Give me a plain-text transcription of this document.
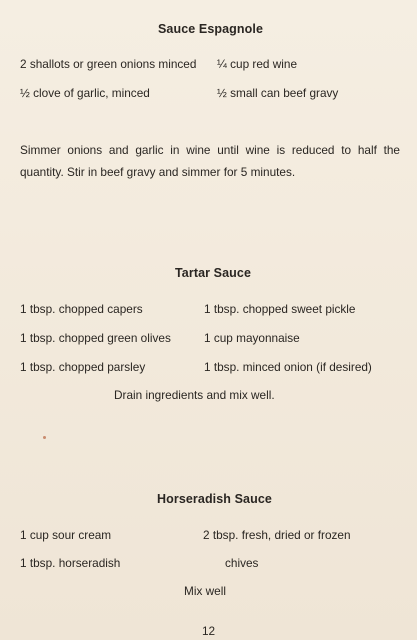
Sauce Espagnole
2 shallots or green onions minced
½ clove of garlic, minced
¼ cup red wine
½ small can beef gravy
Simmer onions and garlic in wine until wine is reduced to half the quantity. Stir in beef gravy and simmer for 5 minutes.
Tartar Sauce
1 tbsp. chopped capers
1 tbsp. chopped green olives
1 tbsp. chopped parsley
1 tbsp. chopped sweet pickle
1 cup mayonnaise
1 tbsp. minced onion (if desired)
Drain ingredients and mix well.
Horseradish Sauce
1 cup sour cream
1 tbsp. horseradish
2 tbsp. fresh, dried or frozen
chives
Mix well
12
